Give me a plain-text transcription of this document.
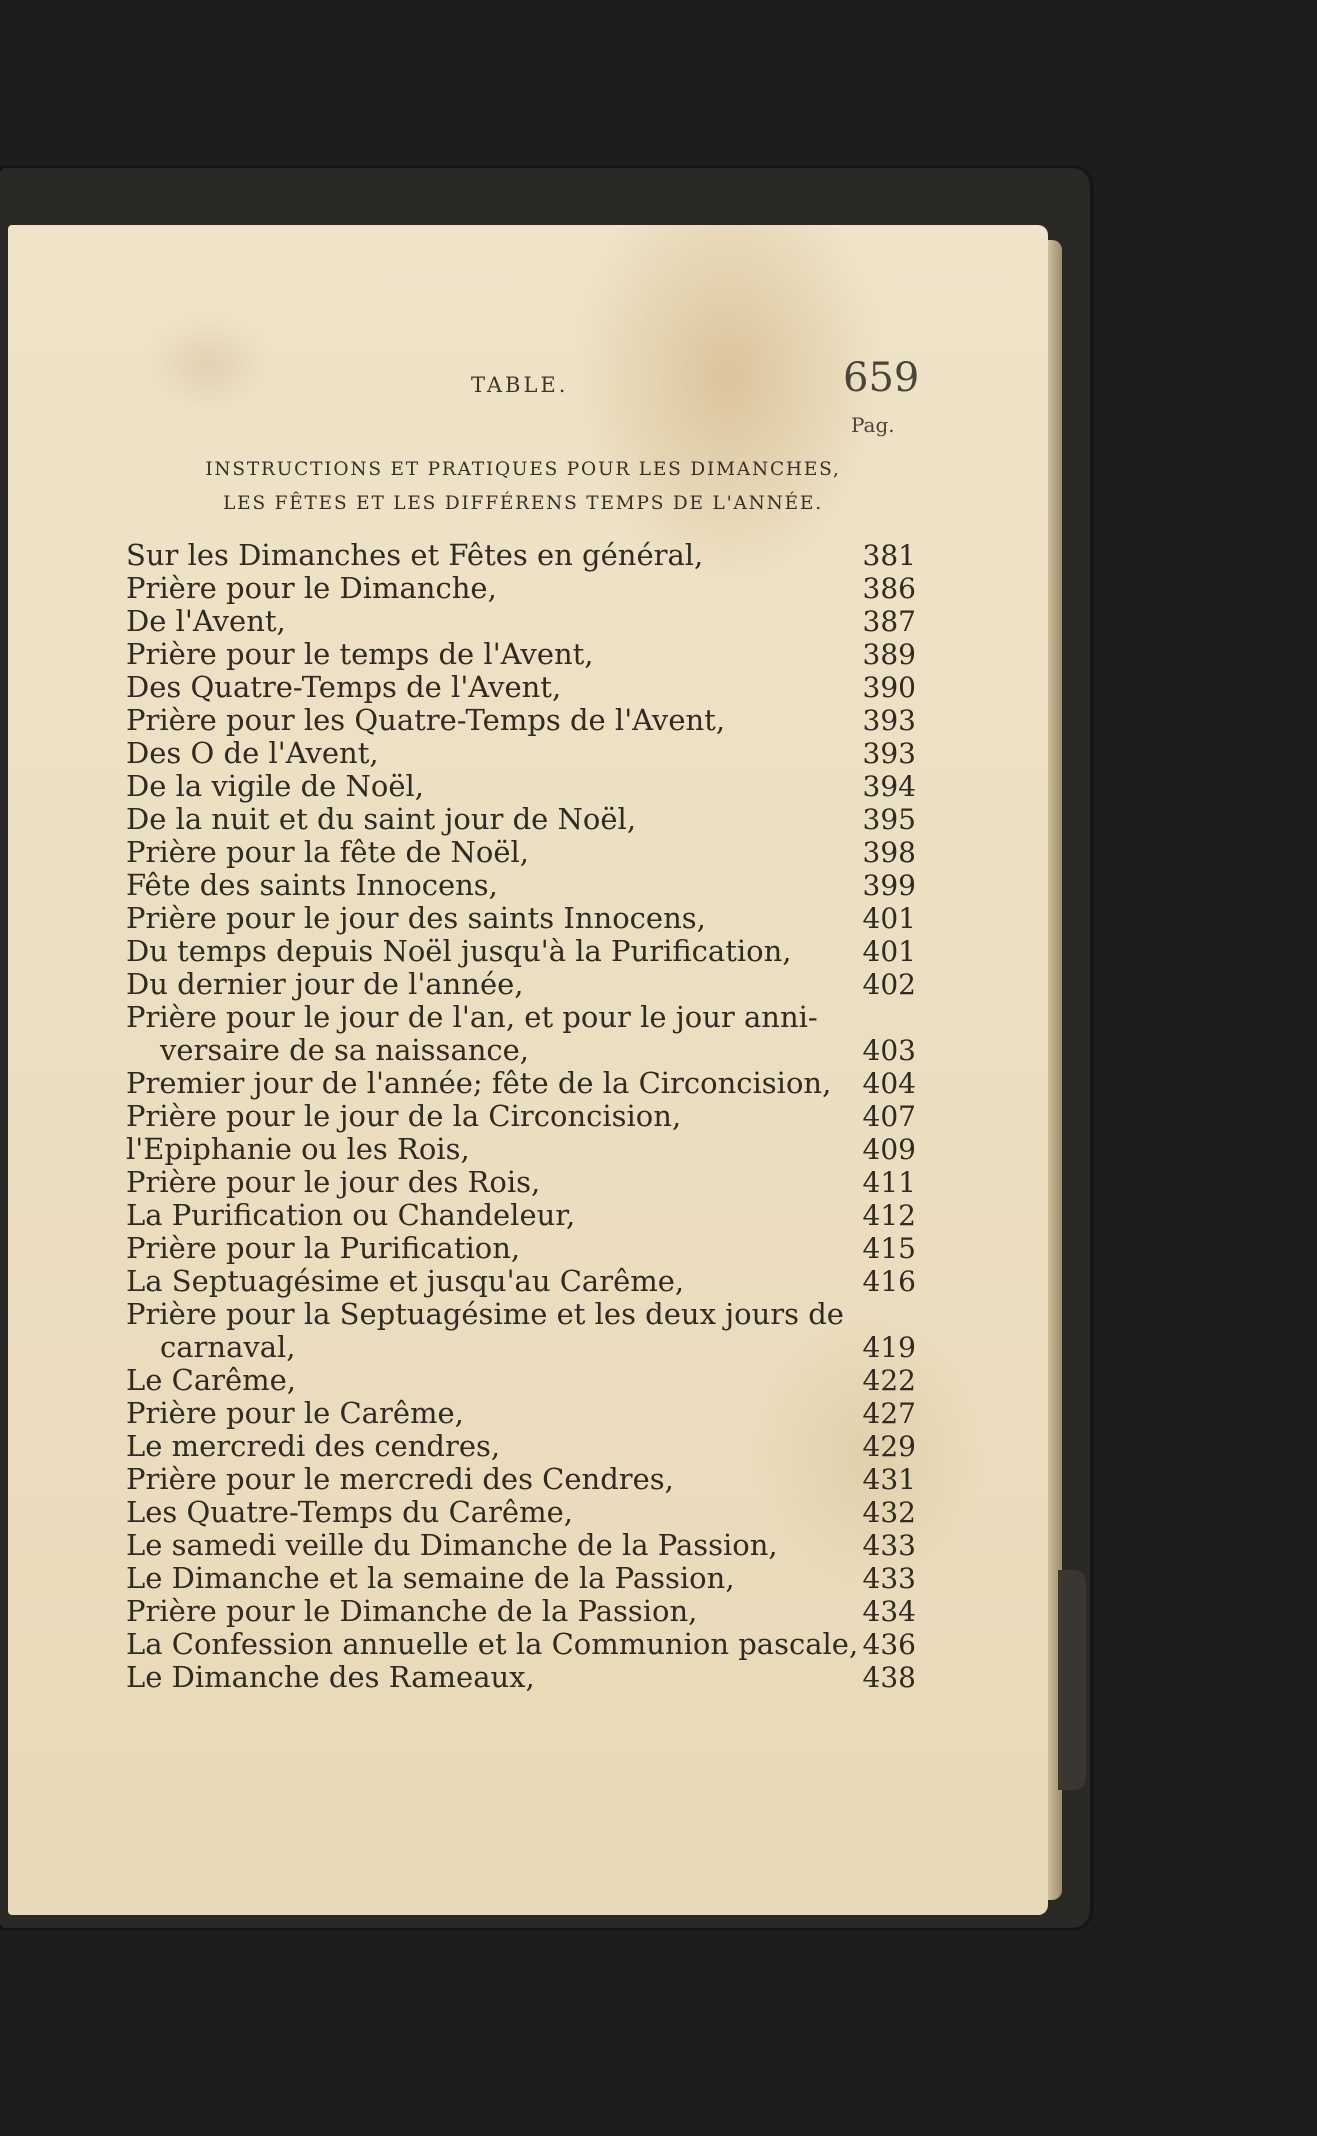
TABLE.	659
Pag.
INSTRUCTIONS ET PRATIQUES POUR LES DIMANCHES,
LES FÊTES ET LES DIFFÉRENS TEMPS DE L'ANNÉE.
Sur les Dimanches et Fêtes en général,	381
Prière pour le Dimanche,	386
De l'Avent,	387
Prière pour le temps de l'Avent,	389
Des Quatre-Temps de l'Avent,	390
Prière pour les Quatre-Temps de l'Avent,	393
Des O de l'Avent,	393
De la vigile de Noël,	394
De la nuit et du saint jour de Noël,	395
Prière pour la fête de Noël,	398
Fête des saints Innocens,	399
Prière pour le jour des saints Innocens,	401
Du temps depuis Noël jusqu'à la Purification,	401
Du dernier jour de l'année,	402
Prière pour le jour de l'an, et pour le jour anni-
versaire de sa naissance,	403
Premier jour de l'année; fête de la Circoncision, 404
Prière pour le jour de la Circoncision,	407
l'Epiphanie ou les Rois,	409
Prière pour le jour des Rois,	411
La Purification ou Chandeleur,	412
Prière pour la Purification,	415
La Septuagésime et jusqu'au Carême,	416
Prière pour la Septuagésime et les deux jours de
carnaval,	419
Le Carême,	422
Prière pour le Carême,	427
Le mercredi des cendres,	429
Prière pour le mercredi des Cendres,	431
Les Quatre-Temps du Carême,	432
Le samedi veille du Dimanche de la Passion,	433
Le Dimanche et la semaine de la Passion,	433
Prière pour le Dimanche de la Passion,	434
La Confession annuelle et la Communion pascale, 436
Le Dimanche des Rameaux,	438
